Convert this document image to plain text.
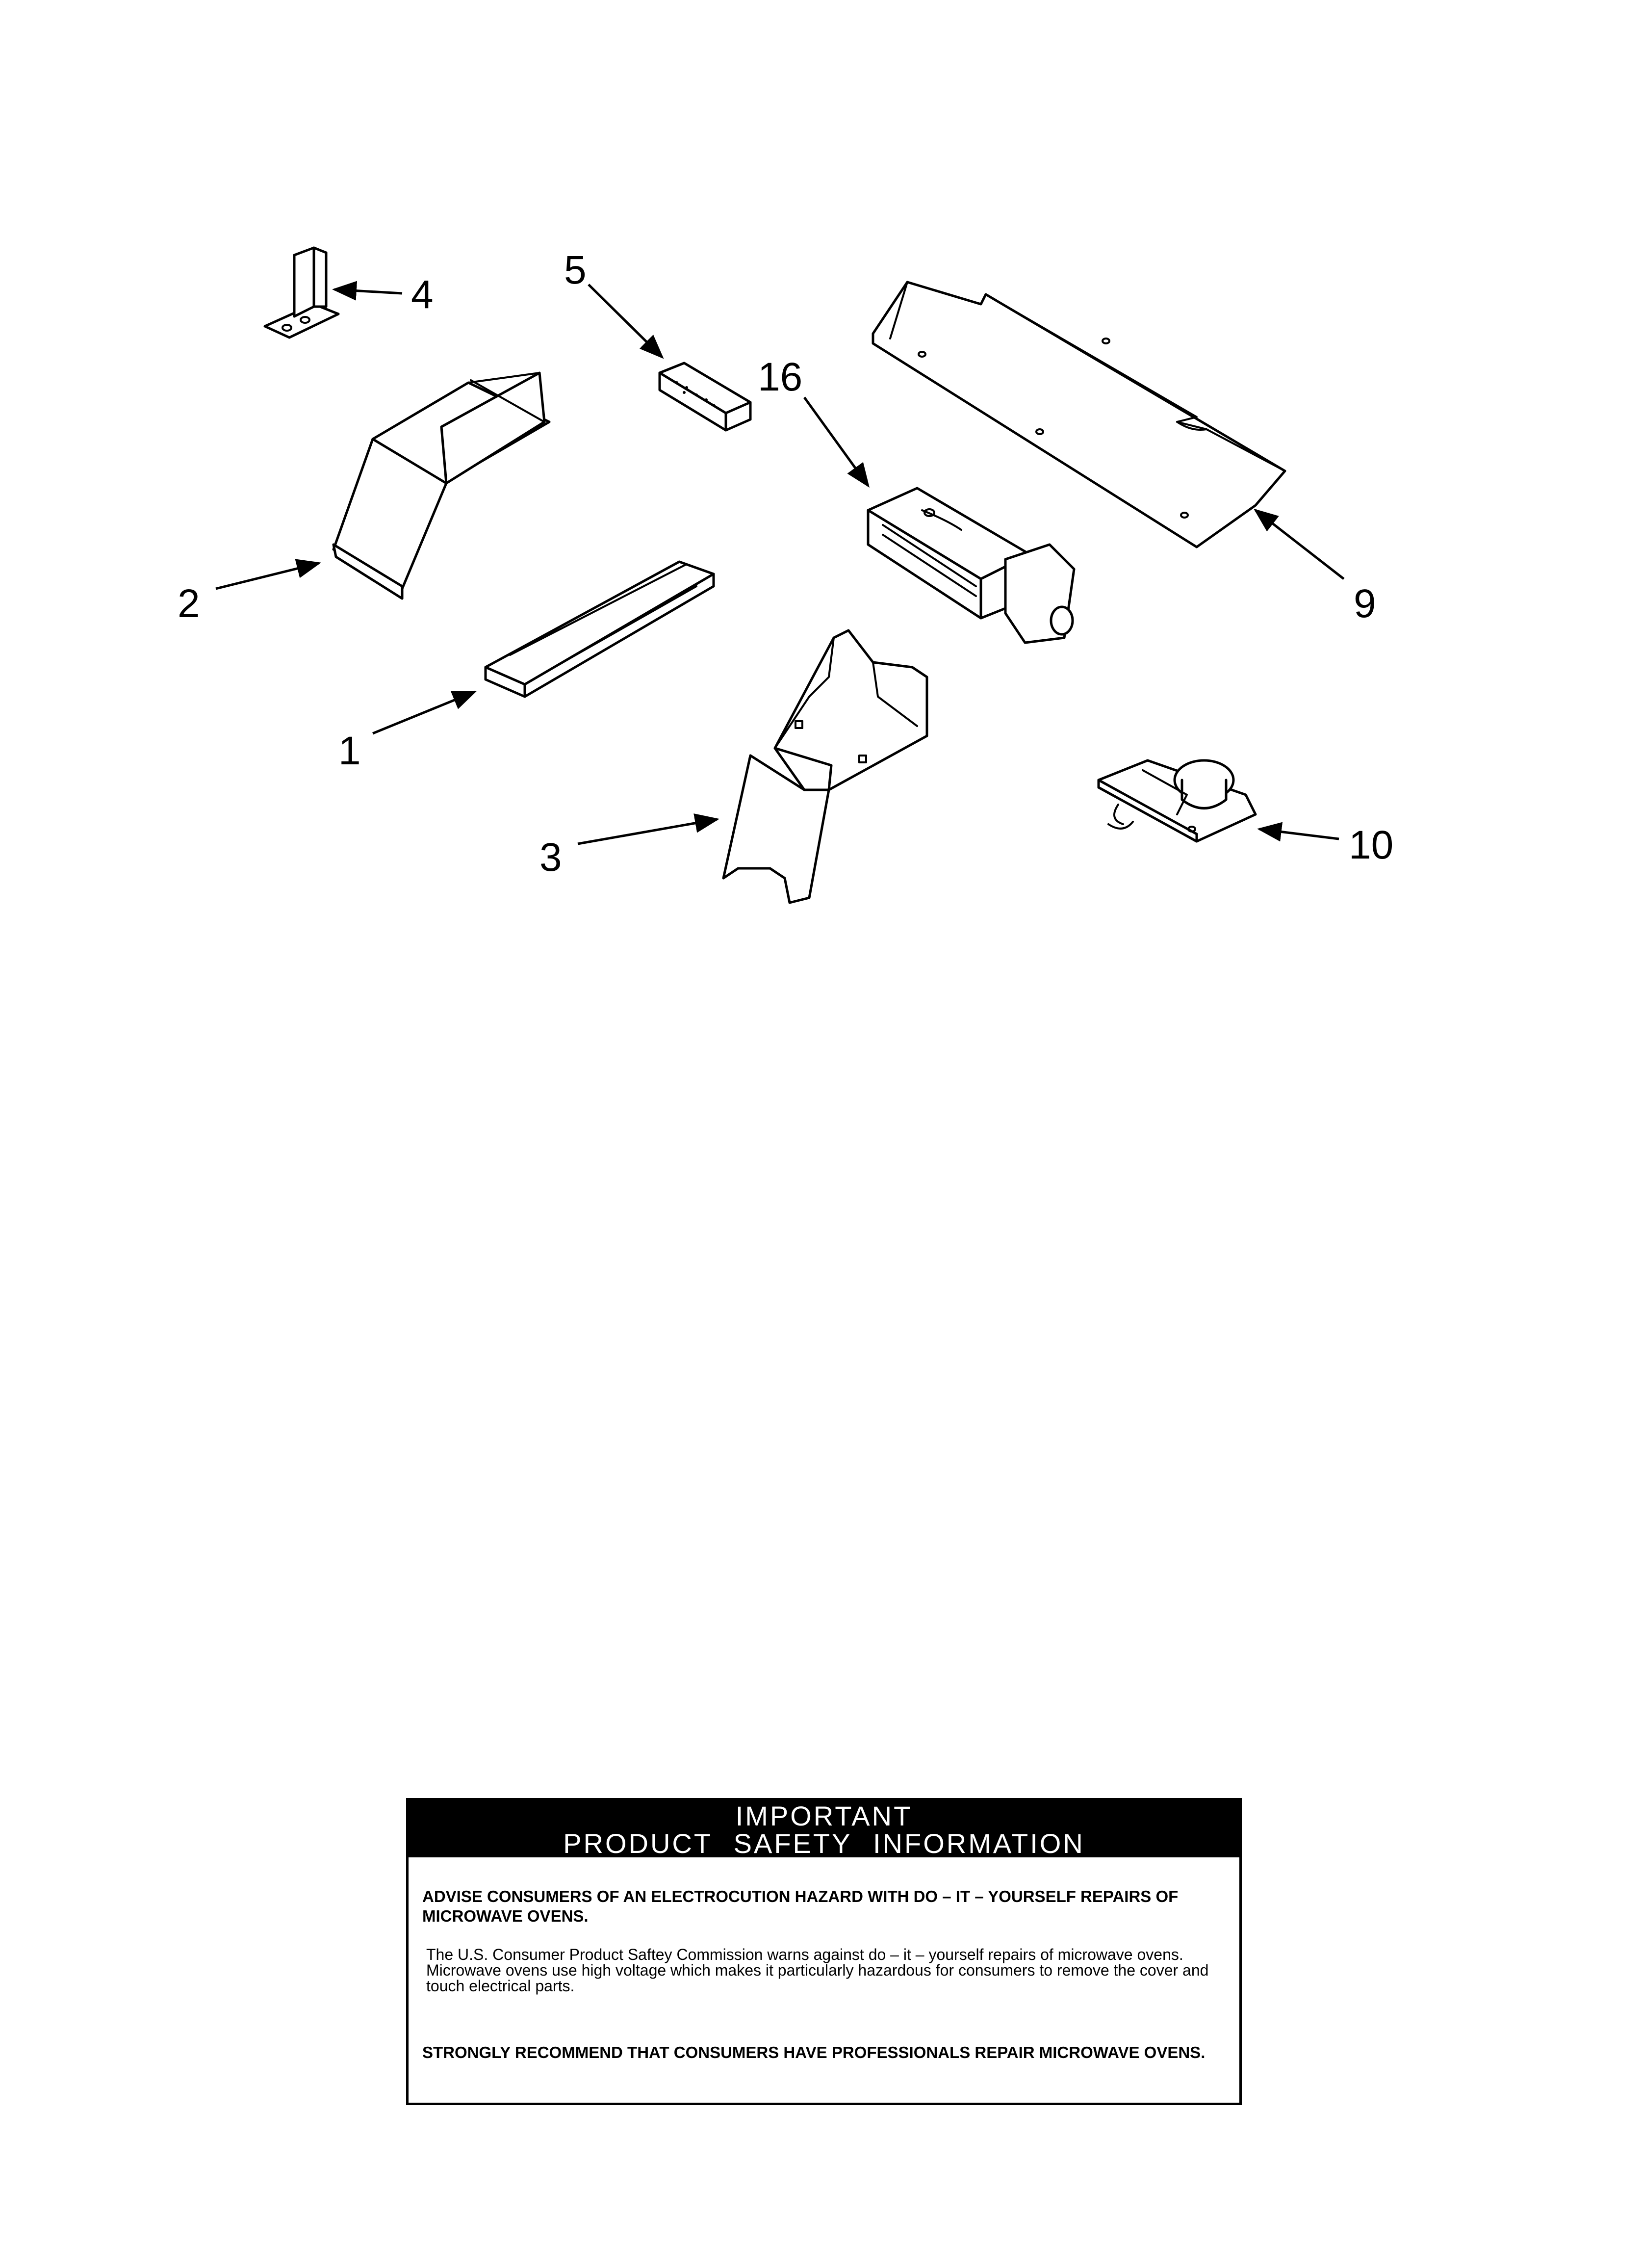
4
5
16
9
2
1
3	10
IMPORTANT
PRODUCT SAFETY INFORMATION
ADVISE CONSUMERS OF AN ELECTROCUTION HAZARD WITH DO – IT – YOURSELF REPAIRS OF MICROWAVE OVENS.
The U.S. Consumer Product Saftey Commission warns against do – it – yourself repairs of microwave ovens. Microwave ovens use high voltage which makes it particularly hazardous for consumers to remove the cover and touch electrical parts.
STRONGLY RECOMMEND THAT CONSUMERS HAVE PROFESSIONALS REPAIR MICROWAVE OVENS.
